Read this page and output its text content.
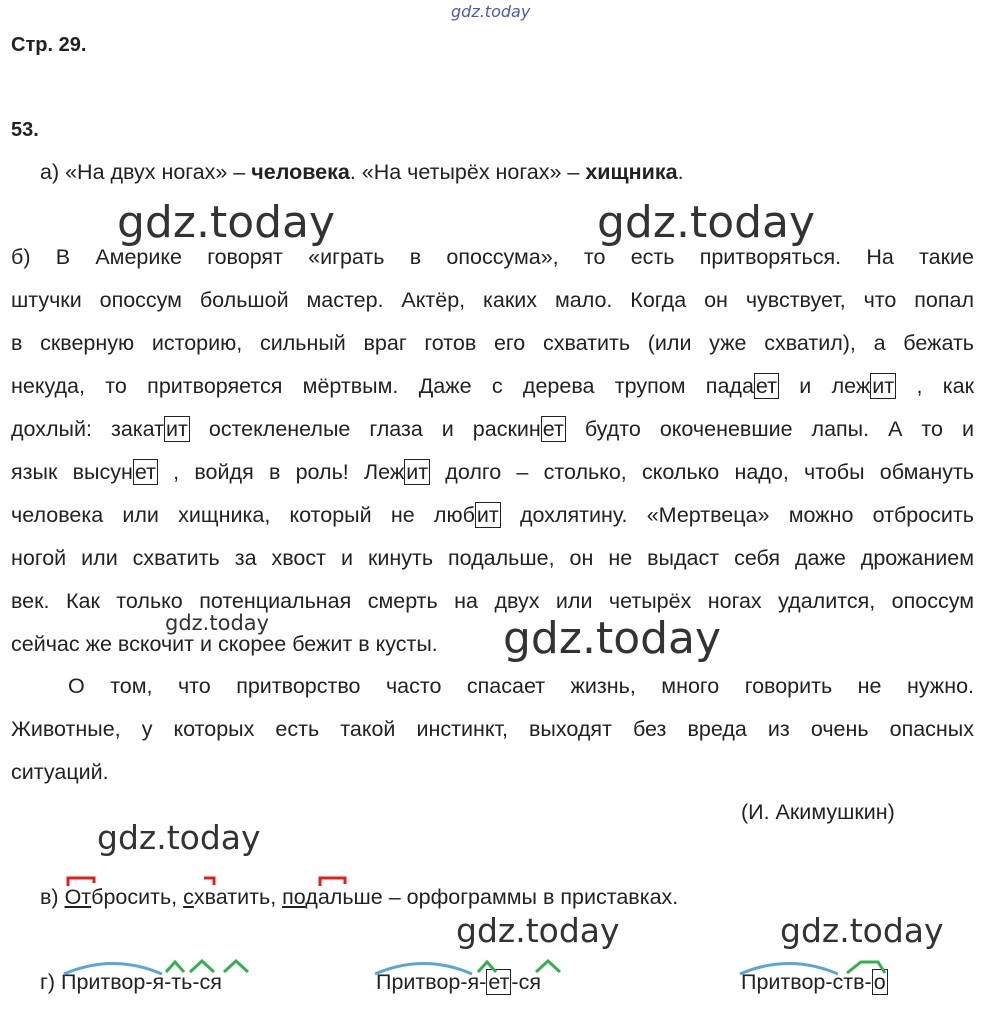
gdz.today
gdz.today	gdz.today
gdz.today
gdz.today
gdz.today
gdz.today	gdz.today
Стр. 29.
53.
а) «На двух ногах» – человека. «На четырёх ногах» – хищника.
б) В Америке говорят «играть в опоссума», то есть притворяться. На такие
штучки опоссум большой мастер. Актёр, каких мало. Когда он чувствует, что попал
в скверную историю, сильный враг готов его схватить (или уже схватил), а бежать
некуда, то притворяется мёртвым. Даже с дерева трупом падает и лежит , как
дохлый: закатит остекленелые глаза и раскинет будто окоченевшие лапы. А то и
язык высунет , войдя в роль! Лежит долго – столько, сколько надо, чтобы обмануть
человека или хищника, который не любит дохлятину. «Мертвеца» можно отбросить
ногой или схватить за хвост и кинуть подальше, он не выдаст себя даже дрожанием
век. Как только потенциальная смерть на двух или четырёх ногах удалится, опоссум
сейчас же вскочит и скорее бежит в кусты.
О том, что притворство часто спасает жизнь, много говорить не нужно.
Животные, у которых есть такой инстинкт, выходят без вреда из очень опасных
ситуаций.
(И. Акимушкин)
в) Отбросить, схватить, подальше – орфограммы в приставках.
г) Притвор-я-ть-ся	Притвор-я-ет-ся	Притвор-ств-о
